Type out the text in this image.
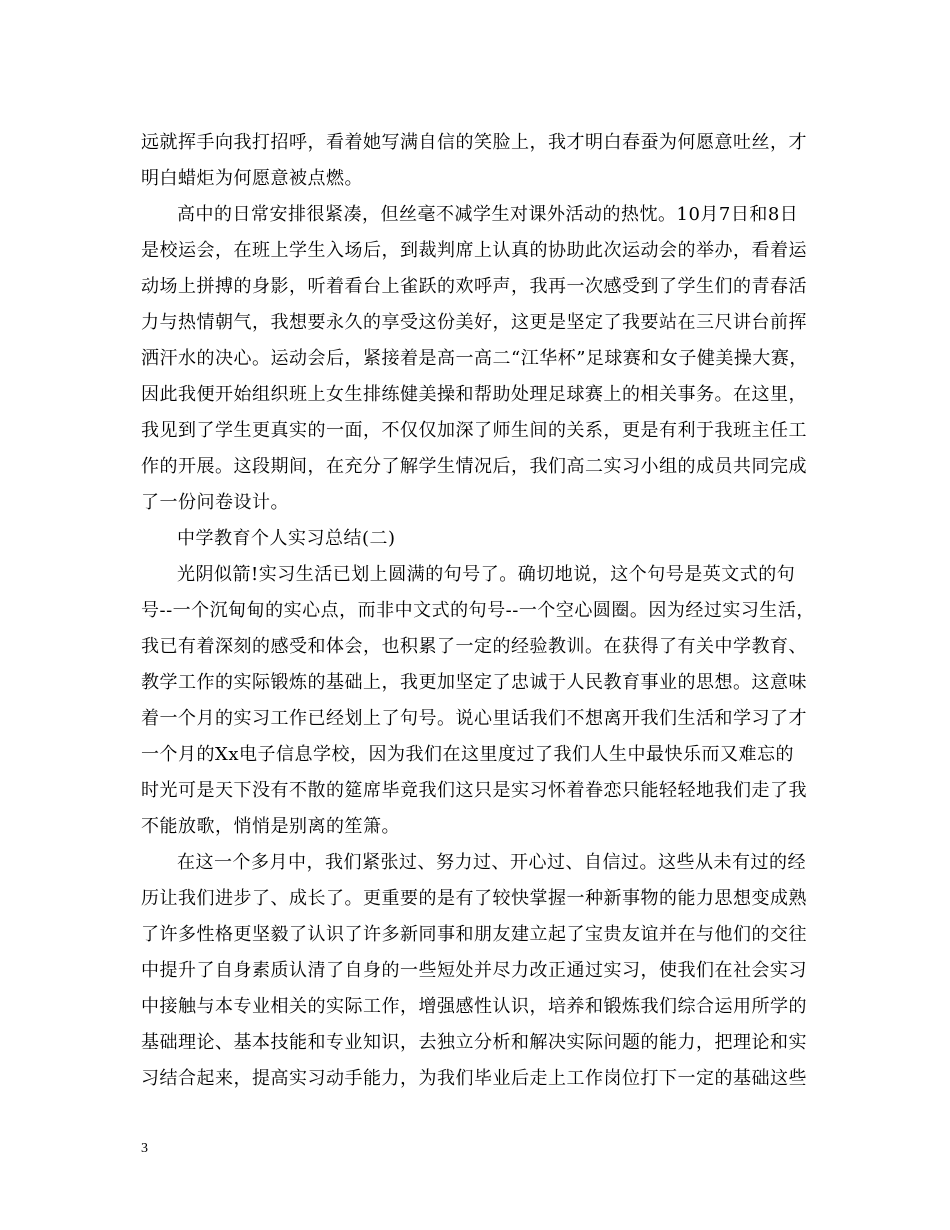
远就挥手向我打招呼，看着她写满自信的笑脸上，我才明白春蚕为何愿意吐丝，才
明白蜡炬为何愿意被点燃。
高中的日常安排很紧凑，但丝毫不减学生对课外活动的热忱。10月7日和8日
是校运会，在班上学生入场后，到裁判席上认真的协助此次运动会的举办，看着运
动场上拼搏的身影，听着看台上雀跃的欢呼声，我再一次感受到了学生们的青春活
力与热情朝气，我想要永久的享受这份美好，这更是坚定了我要站在三尺讲台前挥
洒汗水的决心。运动会后，紧接着是高一高二“江华杯”足球赛和女子健美操大赛，
因此我便开始组织班上女生排练健美操和帮助处理足球赛上的相关事务。在这里，
我见到了学生更真实的一面，不仅仅加深了师生间的关系，更是有利于我班主任工
作的开展。这段期间，在充分了解学生情况后，我们高二实习小组的成员共同完成
了一份问卷设计。
中学教育个人实习总结(二)
光阴似箭!实习生活已划上圆满的句号了。确切地说，这个句号是英文式的句
号--一个沉甸甸的实心点，而非中文式的句号--一个空心圆圈。因为经过实习生活，
我已有着深刻的感受和体会，也积累了一定的经验教训。在获得了有关中学教育、
教学工作的实际锻炼的基础上，我更加坚定了忠诚于人民教育事业的思想。这意味
着一个月的实习工作已经划上了句号。说心里话我们不想离开我们生活和学习了才
一个月的Xx电子信息学校，因为我们在这里度过了我们人生中最快乐而又难忘的
时光可是天下没有不散的筵席毕竟我们这只是实习怀着眷恋只能轻轻地我们走了我
不能放歌，悄悄是别离的笙箫。
在这一个多月中，我们紧张过、努力过、开心过、自信过。这些从未有过的经
历让我们进步了、成长了。更重要的是有了较快掌握一种新事物的能力思想变成熟
了许多性格更坚毅了认识了许多新同事和朋友建立起了宝贵友谊并在与他们的交往
中提升了自身素质认清了自身的一些短处并尽力改正通过实习，使我们在社会实习
中接触与本专业相关的实际工作，增强感性认识，培养和锻炼我们综合运用所学的
基础理论、基本技能和专业知识，去独立分析和解决实际问题的能力，把理论和实
习结合起来，提高实习动手能力，为我们毕业后走上工作岗位打下一定的基础这些
3
